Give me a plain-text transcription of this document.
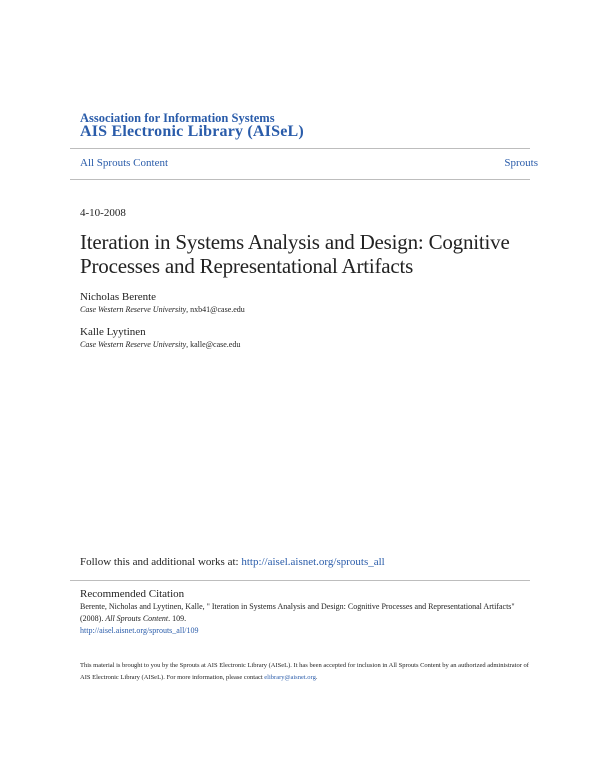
Association for Information Systems
AIS Electronic Library (AISeL)
All Sprouts Content	Sprouts
4-10-2008
Iteration in Systems Analysis and Design: Cognitive Processes and Representational Artifacts
Nicholas Berente
Case Western Reserve University, nxb41@case.edu
Kalle Lyytinen
Case Western Reserve University, kalle@case.edu
Follow this and additional works at: http://aisel.aisnet.org/sprouts_all
Recommended Citation
Berente, Nicholas and Lyytinen, Kalle, " Iteration in Systems Analysis and Design: Cognitive Processes and Representational Artifacts" (2008). All Sprouts Content. 109.
http://aisel.aisnet.org/sprouts_all/109
This material is brought to you by the Sprouts at AIS Electronic Library (AISeL). It has been accepted for inclusion in All Sprouts Content by an authorized administrator of AIS Electronic Library (AISeL). For more information, please contact elibrary@aisnet.org.
